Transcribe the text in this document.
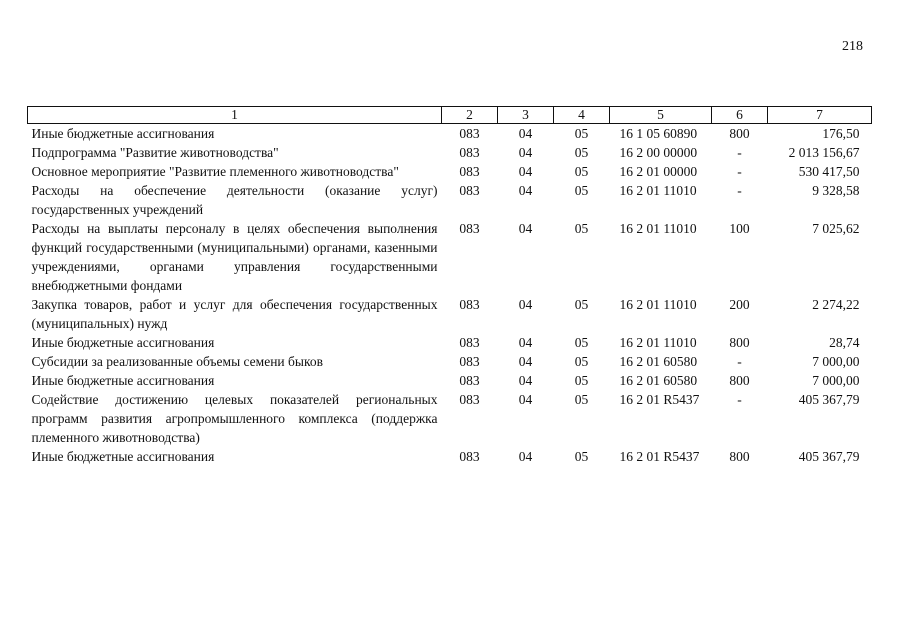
218
1	2	3	4	5	6	7
Иные бюджетные ассигнования	083	04	05	16 1 05 60890	800	176,50
Подпрограмма "Развитие животноводства"	083	04	05	16 2 00 00000	-	2 013 156,67
Основное мероприятие "Развитие племенного животноводства"	083	04	05	16 2 01 00000	-	530 417,50
Расходы на обеспечение деятельности (оказание услуг) государственных учреждений	083	04	05	16 2 01 11010	-	9 328,58
Расходы на выплаты персоналу в целях обеспечения выполнения функций государственными (муниципальными) органами, казенными учреждениями, органами управления государственными внебюджетными фондами	083	04	05	16 2 01 11010	100	7 025,62
Закупка товаров, работ и услуг для обеспечения государственных (муниципальных) нужд	083	04	05	16 2 01 11010	200	2 274,22
Иные бюджетные ассигнования	083	04	05	16 2 01 11010	800	28,74
Субсидии за реализованные объемы семени быков	083	04	05	16 2 01 60580	-	7 000,00
Иные бюджетные ассигнования	083	04	05	16 2 01 60580	800	7 000,00
Содействие достижению целевых показателей региональных программ развития агропромышленного комплекса (поддержка племенного животноводства)	083	04	05	16 2 01 R5437	-	405 367,79
Иные бюджетные ассигнования	083	04	05	16 2 01 R5437	800	405 367,79
